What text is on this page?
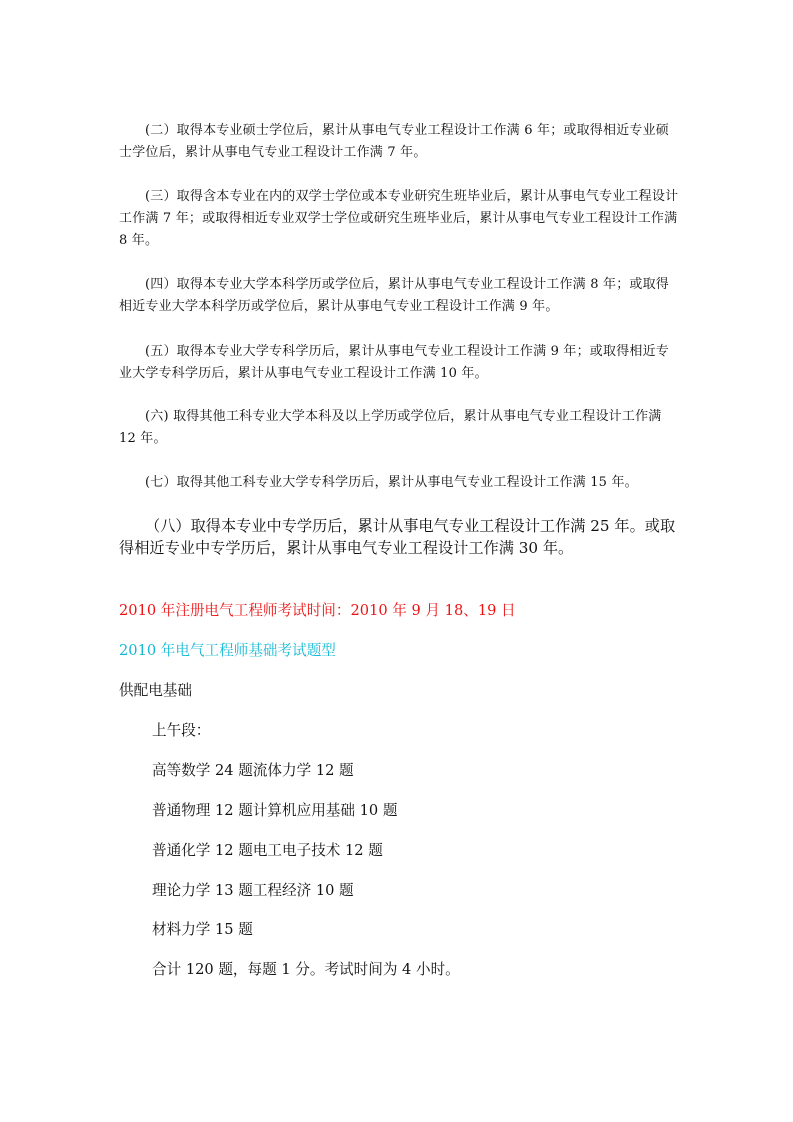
(二）取得本专业硕士学位后，累计从事电气专业工程设计工作满 6 年；或取得相近专业硕士学位后，累计从事电气专业工程设计工作满 7 年。

(三）取得含本专业在内的双学士学位或本专业研究生班毕业后，累计从事电气专业工程设计工作满 7 年；或取得相近专业双学士学位或研究生班毕业后，累计从事电气专业工程设计工作满 8 年。

(四）取得本专业大学本科学历或学位后，累计从事电气专业工程设计工作满 8 年；或取得相近专业大学本科学历或学位后，累计从事电气专业工程设计工作满 9 年。

(五）取得本专业大学专科学历后，累计从事电气专业工程设计工作满 9 年；或取得相近专业大学专科学历后，累计从事电气专业工程设计工作满 10 年。

(六) 取得其他工科专业大学本科及以上学历或学位后，累计从事电气专业工程设计工作满 12 年。

(七）取得其他工科专业大学专科学历后，累计从事电气专业工程设计工作满 15 年。

（八）取得本专业中专学历后，累计从事电气专业工程设计工作满 25 年。或取得相近专业中专学历后，累计从事电气专业工程设计工作满 30 年。

2010 年注册电气工程师考试时间：2010 年 9 月 18、19 日

2010 年电气工程师基础考试题型

供配电基础

上午段：

高等数学 24 题流体力学 12 题

普通物理 12 题计算机应用基础 10 题

普通化学 12 题电工电子技术 12 题

理论力学 13 题工程经济 10 题

材料力学 15 题

合计 120 题，每题 1 分。考试时间为 4 小时。
